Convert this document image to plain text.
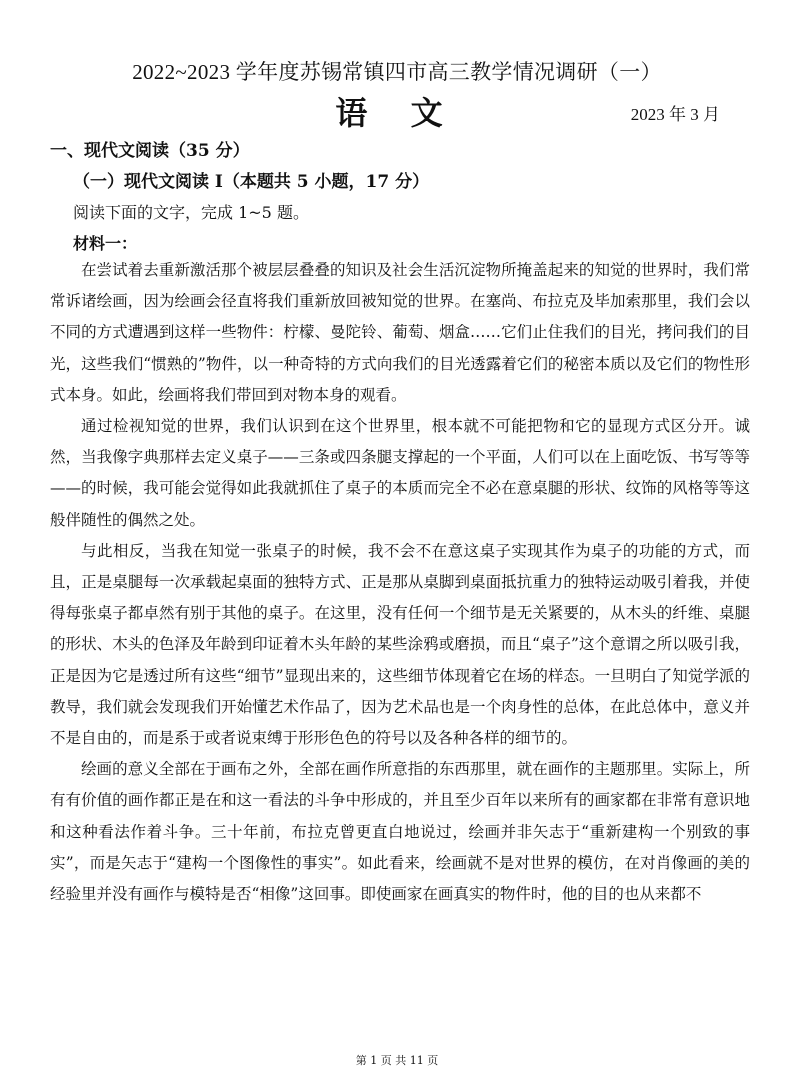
2022~2023 学年度苏锡常镇四市高三教学情况调研（一）
语 文	2023 年 3 月
一、现代文阅读（35 分）
（一）现代文阅读 I（本题共 5 小题，17 分）
阅读下面的文字，完成 1~5 题。
材料一：

在尝试着去重新激活那个被层层叠叠的知识及社会生活沉淀物所掩盖起来的知觉的世界时，我们常常诉诸绘画，因为绘画会径直将我们重新放回被知觉的世界。在塞尚、布拉克及毕加索那里，我们会以不同的方式遭遇到这样一些物件：柠檬、曼陀铃、葡萄、烟盒……它们止住我们的目光，拷问我们的目光，这些我们“惯熟的”物件，以一种奇特的方式向我们的目光透露着它们的秘密本质以及它们的物性形式本身。如此，绘画将我们带回到对物本身的观看。

通过检视知觉的世界，我们认识到在这个世界里，根本就不可能把物和它的显现方式区分开。诚然，当我像字典那样去定义桌子——三条或四条腿支撑起的一个平面，人们可以在上面吃饭、书写等等——的时候，我可能会觉得如此我就抓住了桌子的本质而完全不必在意桌腿的形状、纹饰的风格等等这般伴随性的偶然之处。

与此相反，当我在知觉一张桌子的时候，我不会不在意这桌子实现其作为桌子的功能的方式，而且，正是桌腿每一次承载起桌面的独特方式、正是那从桌脚到桌面抵抗重力的独特运动吸引着我，并使得每张桌子都卓然有别于其他的桌子。在这里，没有任何一个细节是无关紧要的，从木头的纤维、桌腿的形状、木头的色泽及年龄到印证着木头年龄的某些涂鸦或磨损，而且“桌子”这个意谓之所以吸引我，正是因为它是透过所有这些“细节”显现出来的，这些细节体现着它在场的样态。一旦明白了知觉学派的教导，我们就会发现我们开始懂艺术作品了，因为艺术品也是一个肉身性的总体，在此总体中，意义并不是自由的，而是系于或者说束缚于形形色色的符号以及各种各样的细节的。

绘画的意义全部在于画布之外，全部在画作所意指的东西那里，就在画作的主题那里。实际上，所有有价值的画作都正是在和这一看法的斗争中形成的，并且至少百年以来所有的画家都在非常有意识地和这种看法作着斗争。三十年前，布拉克曾更直白地说过，绘画并非矢志于“重新建构一个别致的事实”，而是矢志于“建构一个图像性的事实”。如此看来，绘画就不是对世界的模仿，在对肖像画的美的经验里并没有画作与模特是否“相像”这回事。即使画家在画真实的物件时，他的目的也从来都不

第 1 页 共 11 页
